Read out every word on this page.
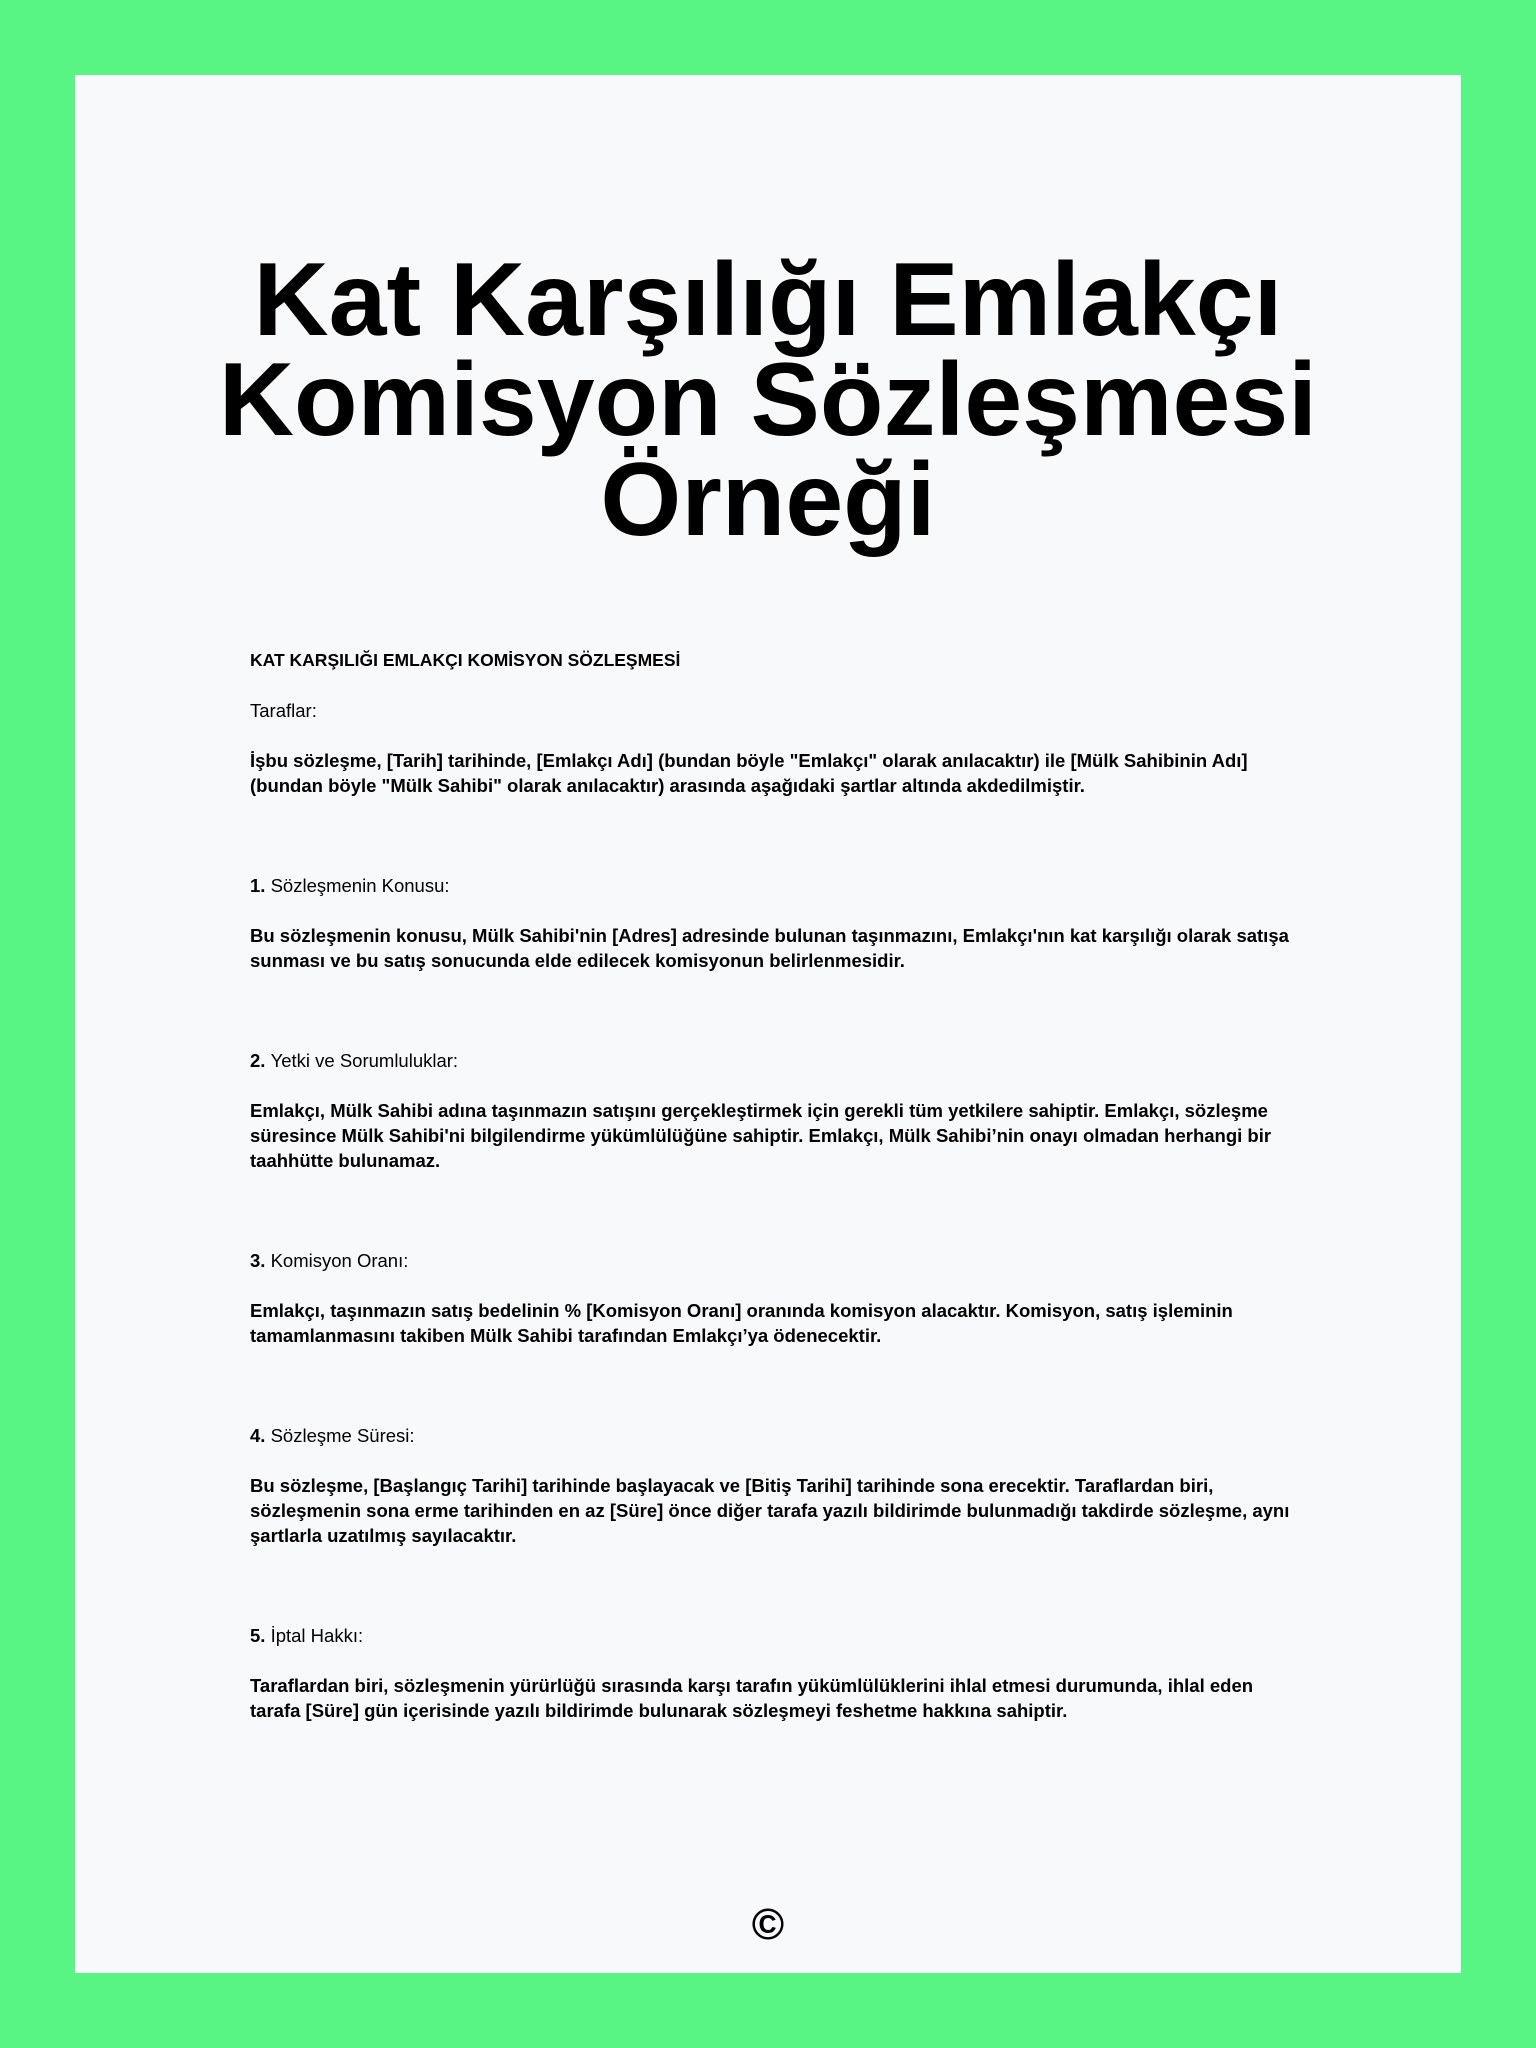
Kat Karşılığı Emlakçı
Komisyon Sözleşmesi
Örneği

KAT KARŞILIĞI EMLAKÇI KOMİSYON SÖZLEŞMESİ

Taraflar:

İşbu sözleşme, [Tarih] tarihinde, [Emlakçı Adı] (bundan böyle "Emlakçı" olarak anılacaktır) ile [Mülk Sahibinin Adı] (bundan böyle "Mülk Sahibi" olarak anılacaktır) arasında aşağıdaki şartlar altında akdedilmiştir.

1. Sözleşmenin Konusu:

Bu sözleşmenin konusu, Mülk Sahibi'nin [Adres] adresinde bulunan taşınmazını, Emlakçı'nın kat karşılığı olarak satışa sunması ve bu satış sonucunda elde edilecek komisyonun belirlenmesidir.

2. Yetki ve Sorumluluklar:

Emlakçı, Mülk Sahibi adına taşınmazın satışını gerçekleştirmek için gerekli tüm yetkilere sahiptir. Emlakçı, sözleşme süresince Mülk Sahibi'ni bilgilendirme yükümlülüğüne sahiptir. Emlakçı, Mülk Sahibi’nin onayı olmadan herhangi bir taahhütte bulunamaz.

3. Komisyon Oranı:

Emlakçı, taşınmazın satış bedelinin % [Komisyon Oranı] oranında komisyon alacaktır. Komisyon, satış işleminin tamamlanmasını takiben Mülk Sahibi tarafından Emlakçı’ya ödenecektir.

4. Sözleşme Süresi:

Bu sözleşme, [Başlangıç Tarihi] tarihinde başlayacak ve [Bitiş Tarihi] tarihinde sona erecektir. Taraflardan biri, sözleşmenin sona erme tarihinden en az [Süre] önce diğer tarafa yazılı bildirimde bulunmadığı takdirde sözleşme, aynı şartlarla uzatılmış sayılacaktır.

5. İptal Hakkı:

Taraflardan biri, sözleşmenin yürürlüğü sırasında karşı tarafın yükümlülüklerini ihlal etmesi durumunda, ihlal eden tarafa [Süre] gün içerisinde yazılı bildirimde bulunarak sözleşmeyi feshetme hakkına sahiptir.

©
